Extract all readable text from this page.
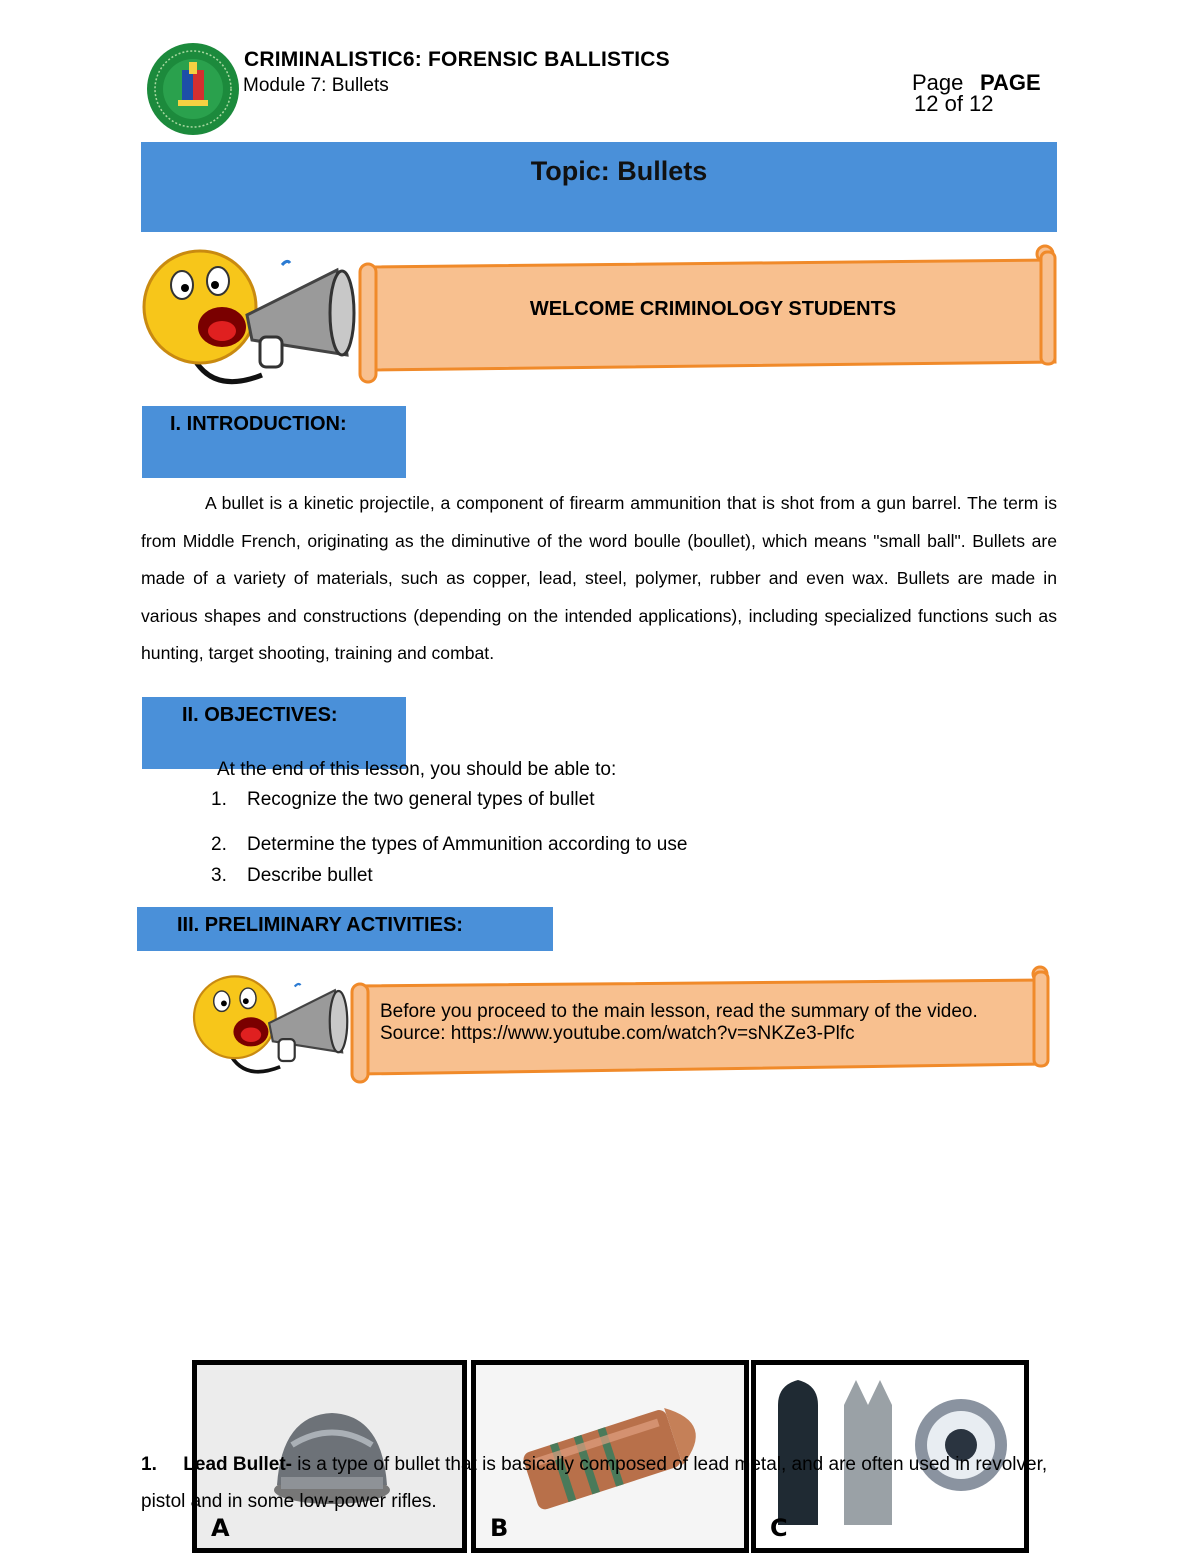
CRIMINALISTIC6: FORENSIC BALLISTICS
Module 7: Bullets	Page PAGE
12 of 12
Topic: Bullets
WELCOME CRIMINOLOGY STUDENTS
I. INTRODUCTION:
A bullet is a kinetic projectile, a component of firearm ammunition that is shot from a gun barrel. The term is from Middle French, originating as the diminutive of the word boulle (boullet), which means "small ball". Bullets are made of a variety of materials, such as copper, lead, steel, polymer, rubber and even wax. Bullets are made in various shapes and constructions (depending on the intended applications), including specialized functions such as hunting, target shooting, training and combat.
II. OBJECTIVES:
At the end of this lesson, you should be able to:
1. Recognize the two general types of bullet
2. Determine the types of Ammunition according to use
3. Describe bullet
III. PRELIMINARY ACTIVITIES:
Before you proceed to the main lesson, read the summary of the video.
Source: https://www.youtube.com/watch?v=sNKZe3-Plfc
A	B	C
1. Lead Bullet- is a type of bullet that is basically composed of lead metal, and are often used in revolver, pistol and in some low-power rifles.
